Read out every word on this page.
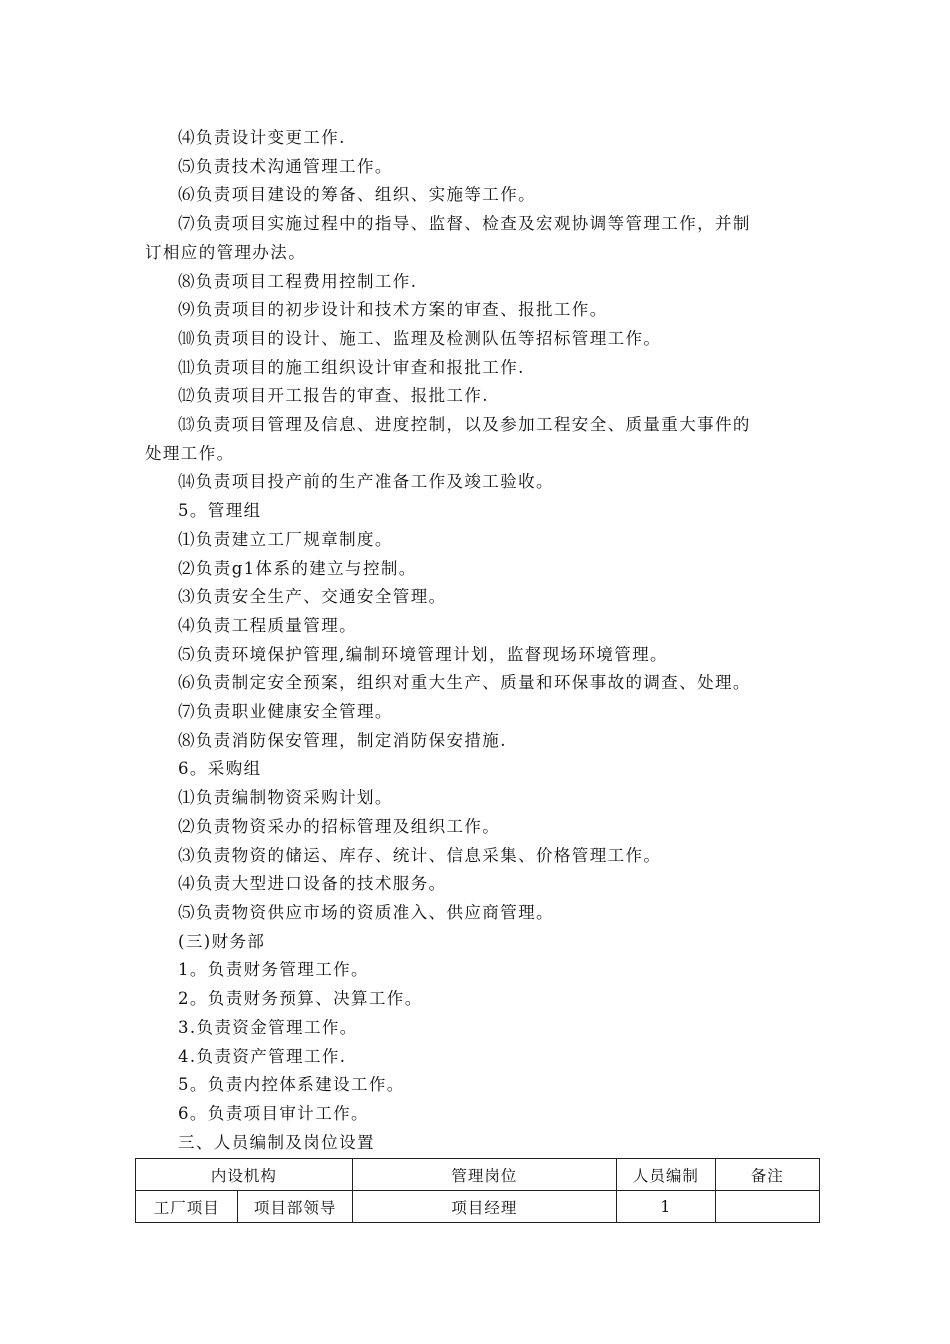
⑷负责设计变更工作.

⑸负责技术沟通管理工作。

⑹负责项目建设的筹备、组织、实施等工作。

⑺负责项目实施过程中的指导、监督、检查及宏观协调等管理工作，并制

订相应的管理办法。

⑻负责项目工程费用控制工作.

⑼负责项目的初步设计和技术方案的审查、报批工作。

⑽负责项目的设计、施工、监理及检测队伍等招标管理工作。

⑾负责项目的施工组织设计审查和报批工作.

⑿负责项目开工报告的审查、报批工作.

⒀负责项目管理及信息、进度控制，以及参加工程安全、质量重大事件的

处理工作。

⒁负责项目投产前的生产准备工作及竣工验收。

5。管理组

⑴负责建立工厂规章制度。

⑵负责g1体系的建立与控制。

⑶负责安全生产、交通安全管理。

⑷负责工程质量管理。

⑸负责环境保护管理,编制环境管理计划，监督现场环境管理。

⑹负责制定安全预案，组织对重大生产、质量和环保事故的调查、处理。

⑺负责职业健康安全管理。

⑻负责消防保安管理，制定消防保安措施.

6。采购组

⑴负责编制物资采购计划。

⑵负责物资采办的招标管理及组织工作。

⑶负责物资的储运、库存、统计、信息采集、价格管理工作。

⑷负责大型进口设备的技术服务。

⑸负责物资供应市场的资质准入、供应商管理。

(三)财务部

1。负责财务管理工作。

2。负责财务预算、决算工作。

3.负责资金管理工作。

4.负责资产管理工作.

5。负责内控体系建设工作。

6。负责项目审计工作。

三、人员编制及岗位设置

内设机构		管理岗位	人员编制	备注
工厂项目	项目部领导	项目经理	1	
